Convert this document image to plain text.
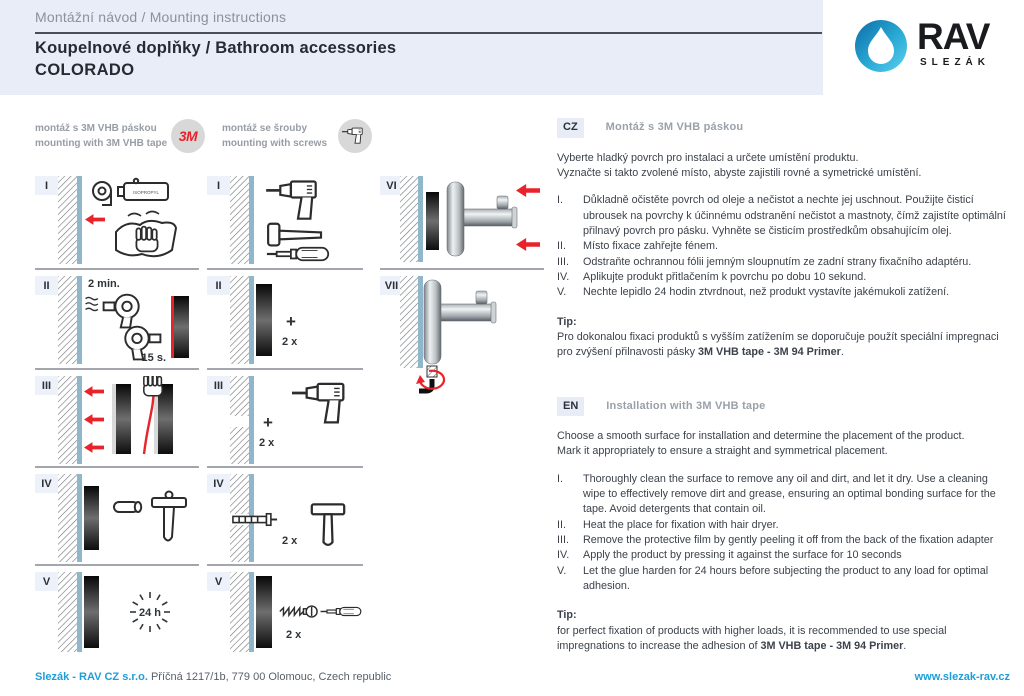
Montážní návod / Mounting instructions
Koupelnové doplňky / Bathroom accessories
COLORADO
RAV
SLEZÁK
montáž s 3M VHB páskou
mounting with 3M VHB tape 3M montáž se šrouby
mounting with screws
I
II
III
IV
V
ISOPROPYL
2 min.
15 s.
24 h
I
II
III
IV
V
+
2 x
+
2 x
2 x
2 x
VI
VII
CZ	Montáž s 3M VHB páskou
Vyberte hladký povrch pro instalaci a určete umístění produktu.
Vyznačte si takto zvolené místo, abyste zajistili rovné a symetrické umístění.
I.	Důkladně očistěte povrch od oleje a nečistot a nechte jej uschnout. Použijte čisticí ubrousek na povrchy k účinnému odstranění nečistot a mastnoty, čímž zajistíte optimální přilnavý povrch pro pásku. Vyhněte se čisticím prostředkům obsahujícím olej.
II.	Místo fixace zahřejte fénem.
III.	Odstraňte ochrannou fólii jemným sloupnutím ze zadní strany fixačního adaptéru.
IV.	Aplikujte produkt přitlačením k povrchu po dobu 10 sekund.
V.	Nechte lepidlo 24 hodin ztvrdnout, než produkt vystavíte jakémukoli zatížení.
Tip:
Pro dokonalou fixaci produktů s vyšším zatížením se doporučuje použít speciální impregnaci pro zvýšení přilnavosti pásky 3M VHB tape - 3M 94 Primer.
EN	Installation with 3M VHB tape
Choose a smooth surface for installation and determine the placement of the product.
Mark it appropriately to ensure a straight and symmetrical placement.
I.	Thoroughly clean the surface to remove any oil and dirt, and let it dry. Use a cleaning wipe to effectively remove dirt and grease, ensuring an optimal bonding surface for the tape. Avoid detergents that contain oil.
II.	Heat the place for fixation with hair dryer.
III.	Remove the protective film by gently peeling it off from the back of the fixation adapter
IV.	Apply the product by pressing it against the surface for 10 seconds
V.	Let the glue harden for 24 hours before subjecting the product to any load for optimal adhesion.
Tip:
for perfect fixation of products with higher loads, it is recommended to use special impregnations to increase the adhesion of 3M VHB tape - 3M 94 Primer.
Slezák - RAV CZ s.r.o. Příčná 1217/1b, 779 00 Olomouc, Czech republic	www.slezak-rav.cz
